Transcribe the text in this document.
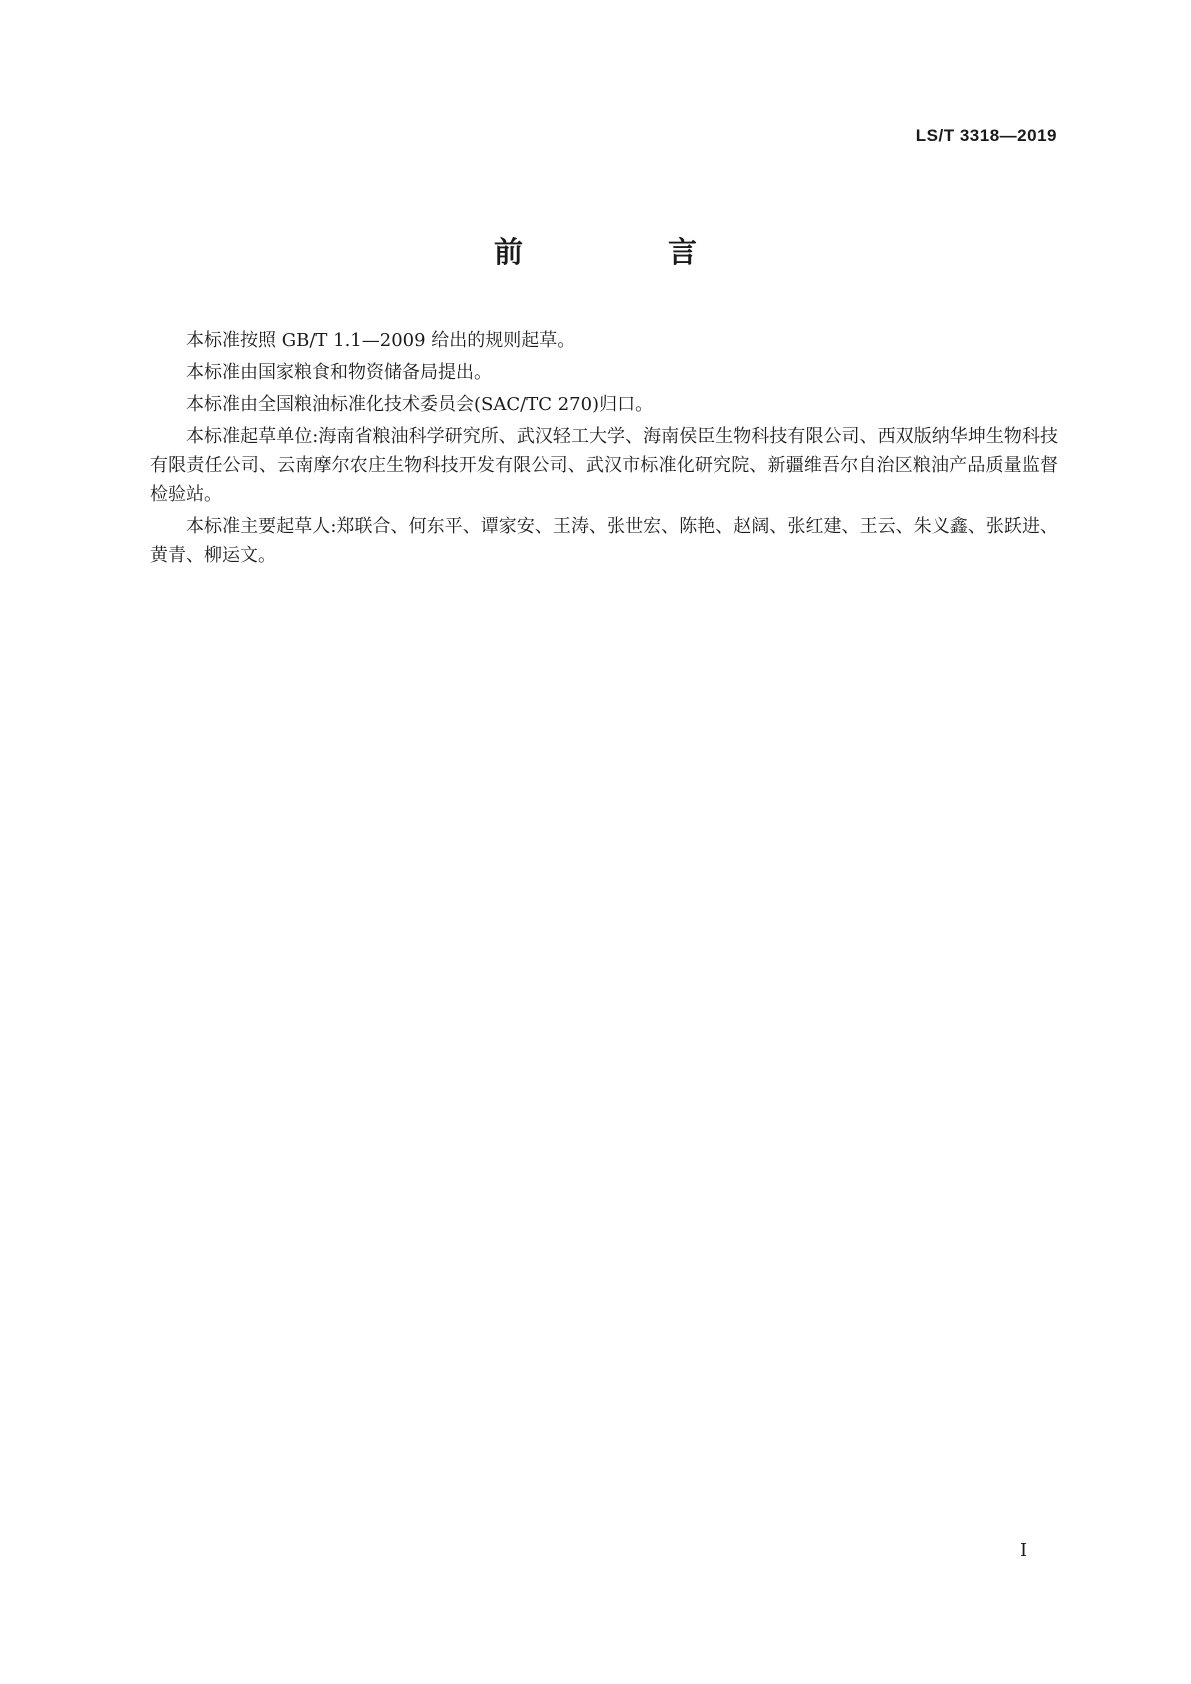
LS/T 3318—2019
前　言

本标准按照 GB/T 1.1—2009 给出的规则起草。

本标准由国家粮食和物资储备局提出。

本标准由全国粮油标准化技术委员会(SAC/TC 270)归口。

本标准起草单位:海南省粮油科学研究所、武汉轻工大学、海南侯臣生物科技有限公司、西双版纳华坤生物科技有限责任公司、云南摩尔农庄生物科技开发有限公司、武汉市标准化研究院、新疆维吾尔自治区粮油产品质量监督检验站。

本标准主要起草人:郑联合、何东平、谭家安、王涛、张世宏、陈艳、赵阔、张红建、王云、朱义鑫、张跃进、黄青、柳运文。

I
